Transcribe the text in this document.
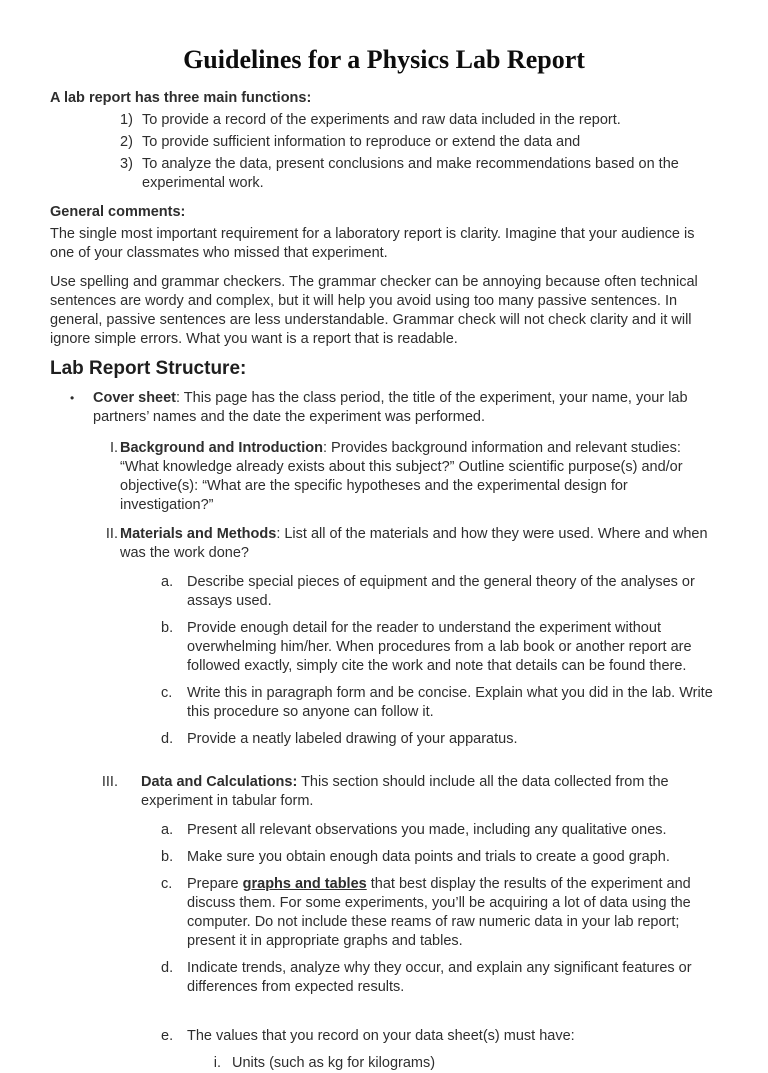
Guidelines for a Physics Lab Report

A lab report has three main functions:

1) To provide a record of the experiments and raw data included in the report.
2) To provide sufficient information to reproduce or extend the data and
3) To analyze the data, present conclusions and make recommendations based on the experimental work.

General comments:

The single most important requirement for a laboratory report is clarity. Imagine that your audience is one of your classmates who missed that experiment.

Use spelling and grammar checkers. The grammar checker can be annoying because often technical sentences are wordy and complex, but it will help you avoid using too many passive sentences. In general, passive sentences are less understandable. Grammar check will not check clarity and it will ignore simple errors. What you want is a report that is readable.

Lab Report Structure:
•	Cover sheet: This page has the class period, the title of the experiment, your name, your lab partners’ names and the date the experiment was performed.
I. Background and Introduction: Provides background information and relevant studies: “What knowledge already exists about this subject?” Outline scientific purpose(s) and/or objective(s): “What are the specific hypotheses and the experimental design for investigation?”
II. Materials and Methods: List all of the materials and how they were used. Where and when was the work done?
a. Describe special pieces of equipment and the general theory of the analyses or assays used.
b. Provide enough detail for the reader to understand the experiment without overwhelming him/her. When procedures from a lab book or another report are followed exactly, simply cite the work and note that details can be found there.
c. Write this in paragraph form and be concise. Explain what you did in the lab. Write this procedure so anyone can follow it.
d. Provide a neatly labeled drawing of your apparatus.
III. Data and Calculations: This section should include all the data collected from the experiment in tabular form.
a. Present all relevant observations you made, including any qualitative ones.
b. Make sure you obtain enough data points and trials to create a good graph.
c. Prepare graphs and tables that best display the results of the experiment and discuss them. For some experiments, you’ll be acquiring a lot of data using the computer. Do not include these reams of raw numeric data in your lab report; present it in appropriate graphs and tables.
d. Indicate trends, analyze why they occur, and explain any significant features or differences from expected results.
e. The values that you record on your data sheet(s) must have:
i. Units (such as kg for kilograms)
